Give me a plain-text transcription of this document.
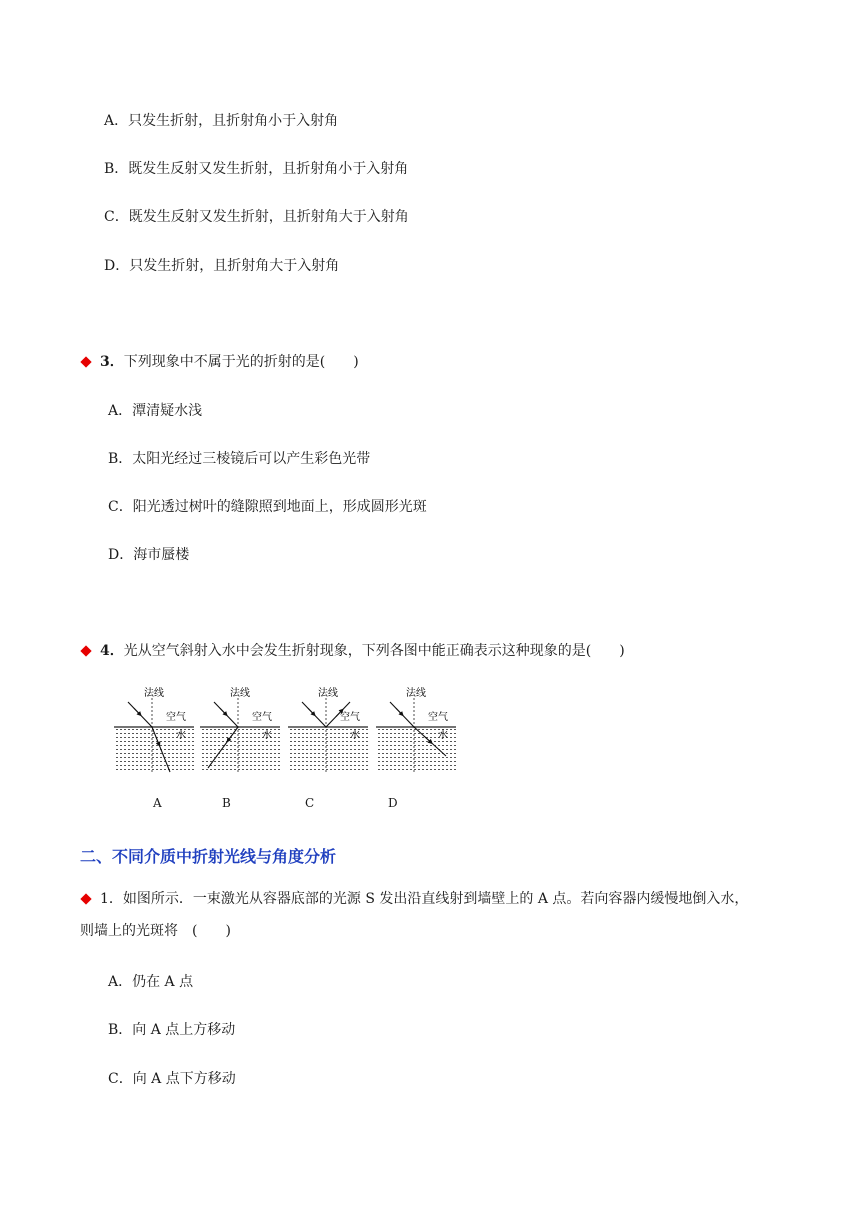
A．只发生折射，且折射角小于入射角
B．既发生反射又发生折射，且折射角小于入射角
C．既发生反射又发生折射，且折射角大于入射角
D．只发生折射，且折射角大于入射角
3．下列现象中不属于光的折射的是(　　)
A．潭清疑水浅
B．太阳光经过三棱镜后可以产生彩色光带
C．阳光透过树叶的缝隙照到地面上，形成圆形光斑
D．海市蜃楼
4．光从空气斜射入水中会发生折射现象，下列各图中能正确表示这种现象的是(　　)
法线
空气
水
法线
空气
水
法线
空气
水
法线
空气
水
A	B	C	D
二、不同介质中折射光线与角度分析
1．如图所示．一束激光从容器底部的光源 S 发出沿直线射到墙壁上的 A 点。若向容器内缓慢地倒入水，
则墙上的光斑将　(　　)
A．仍在 A 点
B．向 A 点上方移动
C．向 A 点下方移动
